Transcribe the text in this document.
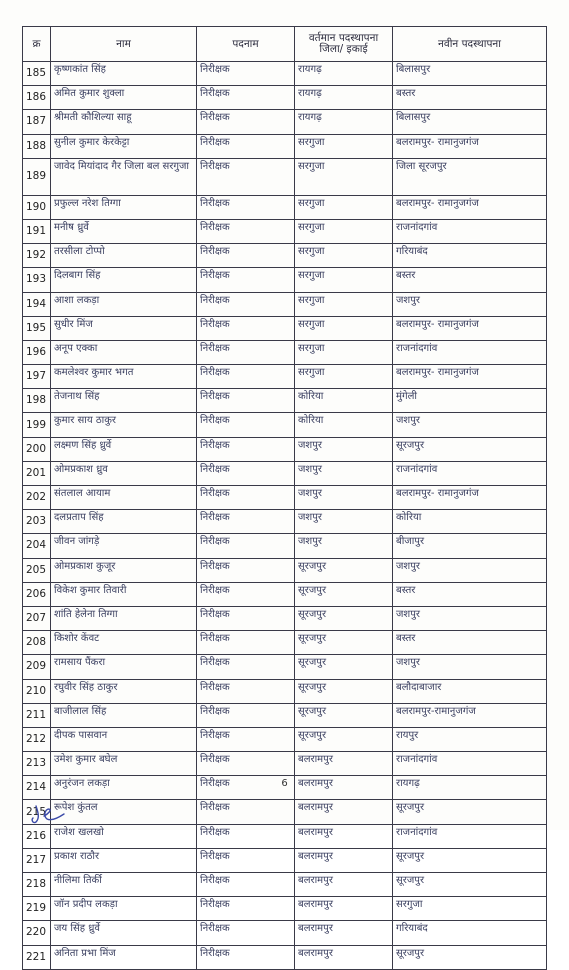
क्र	नाम	पदनाम	वर्तमान पदस्थापना जिला/ इकाई	नवीन पदस्थापना
185	कृष्णकांत सिंह	निरीक्षक	रायगढ़	बिलासपुर
186	अमित कुमार शुक्ला	निरीक्षक	रायगढ़	बस्तर
187	श्रीमती कौशिल्या साहू	निरीक्षक	रायगढ़	बिलासपुर
188	सुनील कुमार केरकेट्टा	निरीक्षक	सरगुजा	बलरामपुर- रामानुजगंज
189	जावेद मियांदाद गैर जिला बल सरगुजा	निरीक्षक	सरगुजा	जिला सूरजपुर
190	प्रफुल्ल नरेश तिग्गा	निरीक्षक	सरगुजा	बलरामपुर- रामानुजगंज
191	मनीष ध्रुर्वे	निरीक्षक	सरगुजा	राजनांदगांव
192	तरसीला टोप्पो	निरीक्षक	सरगुजा	गरियाबंद
193	दिलबाग सिंह	निरीक्षक	सरगुजा	बस्तर
194	आशा लकड़ा	निरीक्षक	सरगुजा	जशपुर
195	सुधीर मिंज	निरीक्षक	सरगुजा	बलरामपुर- रामानुजगंज
196	अनूप एक्का	निरीक्षक	सरगुजा	राजनांदगांव
197	कमलेश्वर कुमार भगत	निरीक्षक	सरगुजा	बलरामपुर- रामानुजगंज
198	तेजनाथ सिंह	निरीक्षक	कोरिया	मुंगेली
199	कुमार साय ठाकुर	निरीक्षक	कोरिया	जशपुर
200	लक्ष्मण सिंह ध्रुर्वे	निरीक्षक	जशपुर	सूरजपुर
201	ओमप्रकाश ध्रुव	निरीक्षक	जशपुर	राजनांदगांव
202	संतलाल आयाम	निरीक्षक	जशपुर	बलरामपुर- रामानुजगंज
203	दलप्रताप सिंह	निरीक्षक	जशपुर	कोरिया
204	जीवन जांगड़े	निरीक्षक	जशपुर	बीजापुर
205	ओमप्रकाश कुजूर	निरीक्षक	सूरजपुर	जशपुर
206	विकेश कुमार तिवारी	निरीक्षक	सूरजपुर	बस्तर
207	शांति हेलेना तिग्गा	निरीक्षक	सूरजपुर	जशपुर
208	किशोर केंवट	निरीक्षक	सूरजपुर	बस्तर
209	रामसाय पैंकरा	निरीक्षक	सूरजपुर	जशपुर
210	रघुवीर सिंह ठाकुर	निरीक्षक	सूरजपुर	बलौदाबाजार
211	बाजीलाल सिंह	निरीक्षक	सूरजपुर	बलरामपुर-रामानुजगंज
212	दीपक पासवान	निरीक्षक	सूरजपुर	रायपुर
213	उमेश कुमार बघेल	निरीक्षक	बलरामपुर	राजनांदगांव
214	अनुरंजन लकड़ा	निरीक्षक	बलरामपुर	रायगढ़
215	रूपेश कुंतल	निरीक्षक	बलरामपुर	सूरजपुर
216	राजेश खलखो	निरीक्षक	बलरामपुर	राजनांदगांव
217	प्रकाश राठौर	निरीक्षक	बलरामपुर	सूरजपुर
218	नीलिमा तिर्की	निरीक्षक	बलरामपुर	सूरजपुर
219	जॉन प्रदीप लकड़ा	निरीक्षक	बलरामपुर	सरगुजा
220	जय सिंह ध्रुर्वे	निरीक्षक	बलरामपुर	गरियाबंद
221	अनिता प्रभा मिंज	निरीक्षक	बलरामपुर	सूरजपुर
6
